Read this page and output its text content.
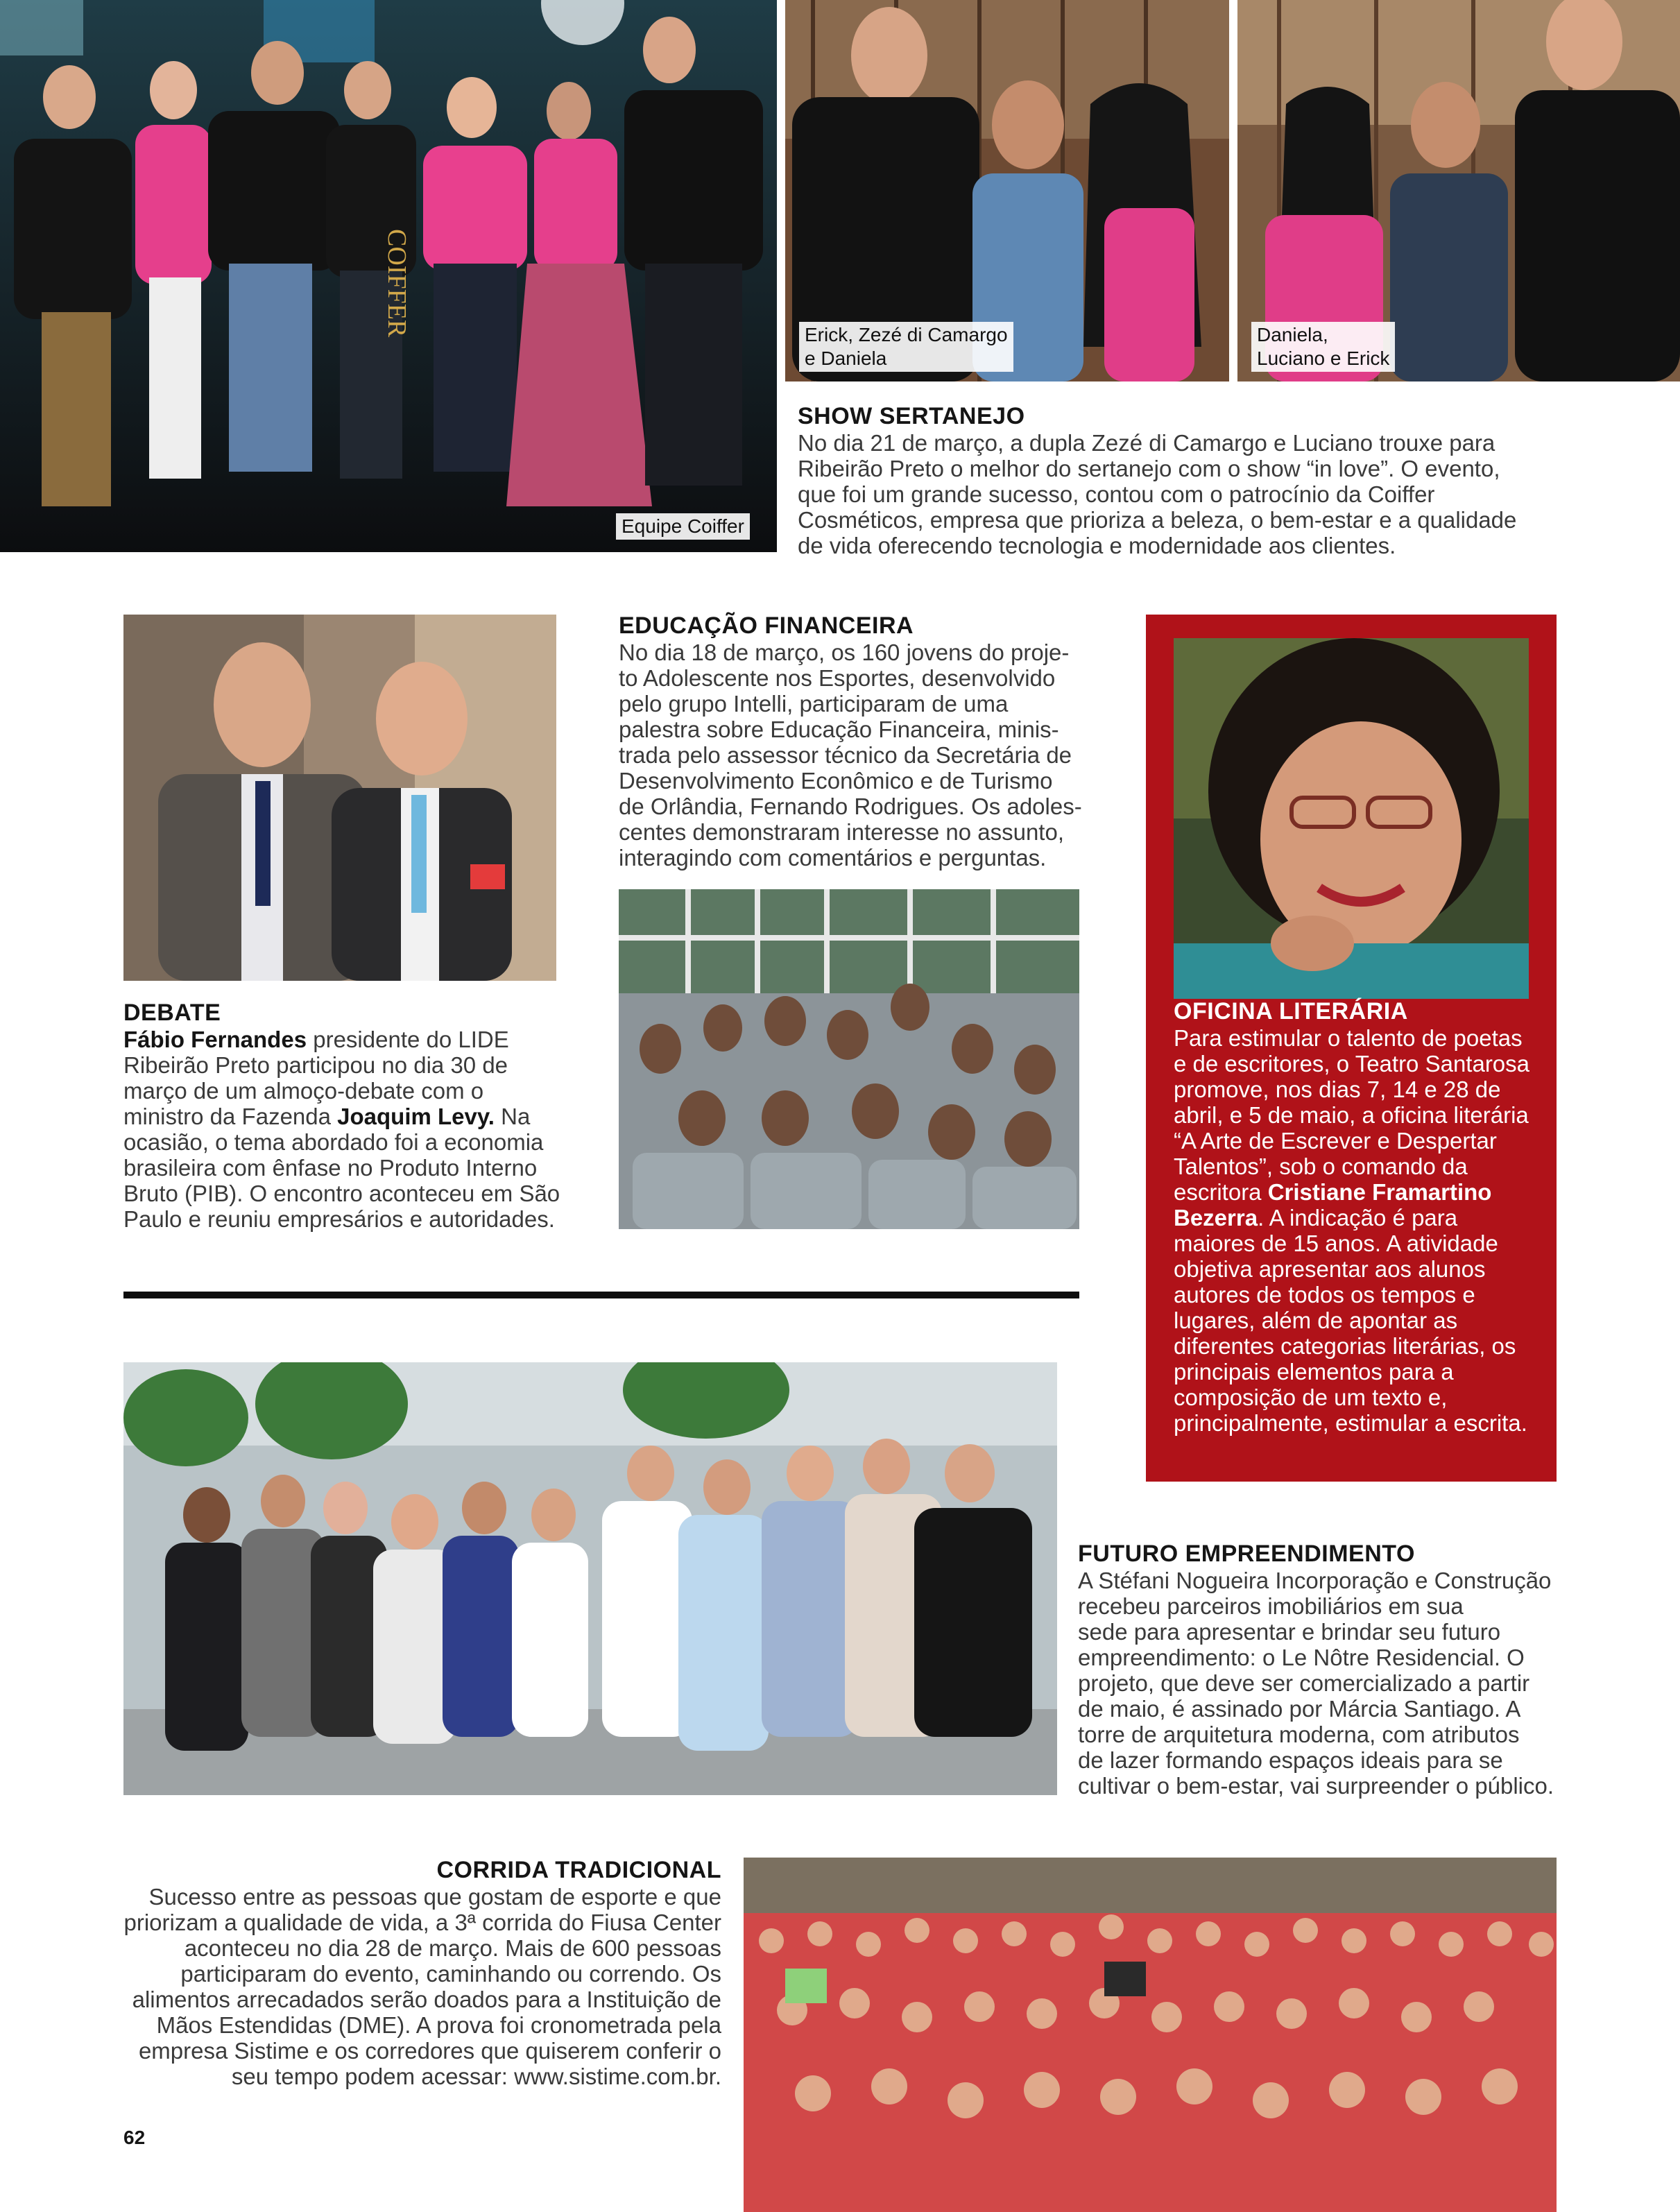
COIFFER
Equipe Coiffer
Erick, Zezé di Camargo
e Daniela
Daniela,
Luciano e Erick

SHOW SERTANEJO

No dia 21 de março, a dupla Zezé di Camargo e Luciano trouxe para

Ribeirão Preto o melhor do sertanejo com o show “in love”. O evento,

que foi um grande sucesso, contou com o patrocínio da Coiffer

Cosméticos, empresa que prioriza a beleza, o bem-estar e a qualidade

de vida oferecendo tecnologia e modernidade aos clientes.

DEBATE

Fábio Fernandes presidente do LIDE Ribeirão Preto participou no dia 30 de março de um almoço-debate com o ministro da Fazenda Joaquim Levy. Na ocasião, o tema abordado foi a economia brasileira com ênfase no Produto Interno Bruto (PIB). O encontro aconteceu em São Paulo e reuniu empresários e autoridades.

EDUCAÇÃO FINANCEIRA

No dia 18 de março, os 160 jovens do proje-

to Adolescente nos Esportes, desenvolvido

pelo grupo Intelli, participaram de uma

palestra sobre Educação Financeira, minis-

trada pelo assessor técnico da Secretária de

Desenvolvimento Econômico e de Turismo

de Orlândia, Fernando Rodrigues. Os adoles-

centes demonstraram interesse no assunto,

interagindo com comentários e perguntas.

OFICINA LITERÁRIA

Para estimular o talento de poetas e de escritores, o Teatro Santarosa promove, nos dias 7, 14 e 28 de abril, e 5 de maio, a oficina literária “A Arte de Escrever e Despertar Talentos”, sob o comando da escritora Cristiane Framartino Bezerra. A indicação é para maiores de 15 anos. A atividade objetiva apresentar aos alunos autores de todos os tempos e lugares, além de apontar as diferentes categorias literárias, os principais elementos para a composição de um texto e, principalmente, estimular a escrita.

FUTURO EMPREENDIMENTO

A Stéfani Nogueira Incorporação e Construção

recebeu parceiros imobiliários em sua

sede para apresentar e brindar seu futuro

empreendimento: o Le Nôtre Residencial. O

projeto, que deve ser comercializado a partir

de maio, é assinado por Márcia Santiago. A

torre de arquitetura moderna, com atributos

de lazer formando espaços ideais para se

cultivar o bem-estar, vai surpreender o público.

CORRIDA TRADICIONAL

Sucesso entre as pessoas que gostam de esporte e que

priorizam a qualidade de vida, a 3ª corrida do Fiusa Center

aconteceu no dia 28 de março. Mais de 600 pessoas

participaram do evento, caminhando ou correndo. Os

alimentos arrecadados serão doados para a Instituição de

Mãos Estendidas (DME). A prova foi cronometrada pela

empresa Sistime e os corredores que quiserem conferir o

seu tempo podem acessar: www.sistime.com.br.

62
